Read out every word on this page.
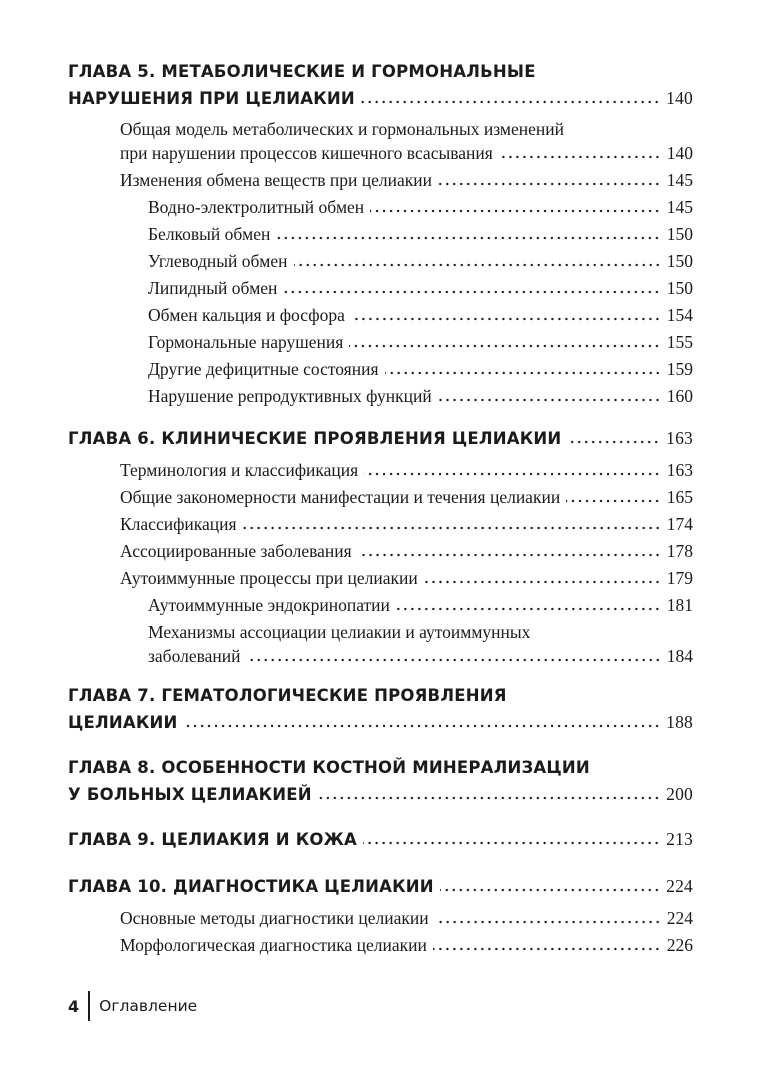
ГЛАВА 5. МЕТАБОЛИЧЕСКИЕ И ГОРМОНАЛЬНЫЕ
НАРУШЕНИЯ ПРИ ЦЕЛИАКИИ	140
Общая модель метаболических и гормональных изменений
при нарушении процессов кишечного всасывания	140
Изменения обмена веществ при целиакии	145
Водно-электролитный обмен	145
Белковый обмен	150
Углеводный обмен	150
Липидный обмен	150
Обмен кальция и фосфора	154
Гормональные нарушения	155
Другие дефицитные состояния	159
Нарушение репродуктивных функций	160
ГЛАВА 6. КЛИНИЧЕСКИЕ ПРОЯВЛЕНИЯ ЦЕЛИАКИИ	163
Терминология и классификация	163
Общие закономерности манифестации и течения целиакии	165
Классификация	174
Ассоциированные заболевания	178
Аутоиммунные процессы при целиакии	179
Аутоиммунные эндокринопатии	181
Механизмы ассоциации целиакии и аутоиммунных
заболеваний	184
ГЛАВА 7. ГЕМАТОЛОГИЧЕСКИЕ ПРОЯВЛЕНИЯ
ЦЕЛИАКИИ	188
ГЛАВА 8. ОСОБЕННОСТИ КОСТНОЙ МИНЕРАЛИЗАЦИИ
У БОЛЬНЫХ ЦЕЛИАКИЕЙ	200
ГЛАВА 9. ЦЕЛИАКИЯ И КОЖА	213
ГЛАВА 10. ДИАГНОСТИКА ЦЕЛИАКИИ	224
Основные методы диагностики целиакии	224
Морфологическая диагностика целиакии	226
4 Оглавление
